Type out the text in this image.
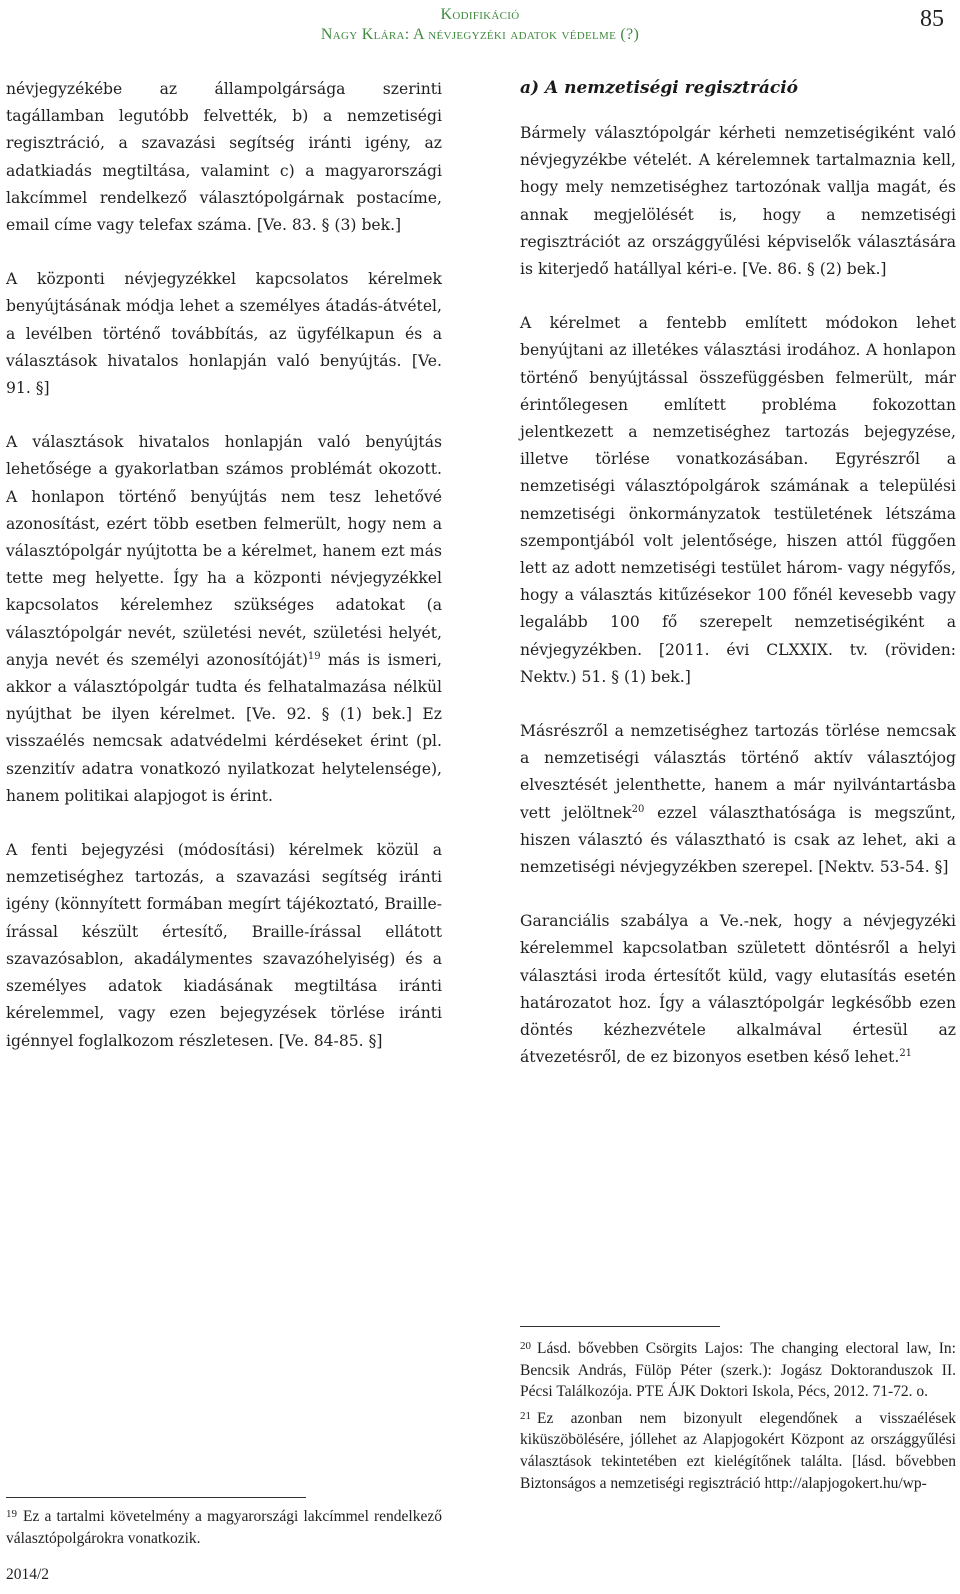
Kodifikáció
Nagy Klára: A névjegyzéki adatok védelme (?)
85

névjegyzékébe az állampolgársága szerinti tagállamban legutóbb felvették, b) a nemzetiségi regisztráció, a szavazási segítség iránti igény, az adatkiadás megtiltása, valamint c) a magyarországi lakcímmel rendelkező választópolgárnak postacíme, email címe vagy telefax száma. [Ve. 83. § (3) bek.]

A központi névjegyzékkel kapcsolatos kérelmek benyújtásának módja lehet a személyes átadás-átvétel, a levélben történő továbbítás, az ügyfélkapun és a választások hivatalos honlapján való benyújtás. [Ve. 91. §]

A választások hivatalos honlapján való benyújtás lehetősége a gyakorlatban számos problémát okozott. A honlapon történő benyújtás nem tesz lehetővé azonosítást, ezért több esetben felmerült, hogy nem a választópolgár nyújtotta be a kérelmet, hanem ezt más tette meg helyette. Így ha a központi névjegyzékkel kapcsolatos kérelemhez szükséges adatokat (a választópolgár nevét, születési nevét, születési helyét, anyja nevét és személyi azonosítóját)$^{19}$ más is ismeri, akkor a választópolgár tudta és felhatalmazása nélkül nyújthat be ilyen kérelmet. [Ve. 92. § (1) bek.] Ez visszaélés nemcsak adatvédelmi kérdéseket érint (pl. szenzitív adatra vonatkozó nyilatkozat helytelensége), hanem politikai alapjogot is érint.

A fenti bejegyzési (módosítási) kérelmek közül a nemzetiséghez tartozás, a szavazási segítség iránti igény (könnyített formában megírt tájékoztató, Braille-írással készült értesítő, Braille-írással ellátott szavazósablon, akadálymentes szavazóhelyiség) és a személyes adatok kiadásának megtiltása iránti kérelemmel, vagy ezen bejegyzések törlése iránti igénnyel foglalkozom részletesen. [Ve. 84-85. §]

a) A nemzetiségi regisztráció

Bármely választópolgár kérheti nemzetiségiként való névjegyzékbe vételét. A kérelemnek tartalmaznia kell, hogy mely nemzetiséghez tartozónak vallja magát, és annak megjelölését is, hogy a nemzetiségi regisztrációt az országgyűlési képviselők választására is kiterjedő hatállyal kéri-e. [Ve. 86. § (2) bek.]

A kérelmet a fentebb említett módokon lehet benyújtani az illetékes választási irodához. A honlapon történő benyújtással összefüggésben felmerült, már érintőlegesen említett probléma fokozottan jelentkezett a nemzetiséghez tartozás bejegyzése, illetve törlése vonatkozásában. Egyrészről a nemzetiségi választópolgárok számának a települési nemzetiségi önkormányzatok testületének létszáma szempontjából volt jelentősége, hiszen attól függően lett az adott nemzetiségi testület három- vagy négyfős, hogy a választás kitűzésekor 100 főnél kevesebb vagy legalább 100 fő szerepelt nemzetiségiként a névjegyzékben. [2011. évi CLXXIX. tv. (röviden: Nektv.) 51. § (1) bek.]

Másrészről a nemzetiséghez tartozás törlése nemcsak a nemzetiségi választás történő aktív választójog elvesztését jelenthette, hanem a már nyilvántartásba vett jelöltnek$^{20}$ ezzel választhatósága is megszűnt, hiszen választó és választható is csak az lehet, aki a nemzetiségi névjegyzékben szerepel. [Nektv. 53-54. §]

Garanciális szabálya a Ve.-nek, hogy a névjegyzéki kérelemmel kapcsolatban született döntésről a helyi választási iroda értesítőt küld, vagy elutasítás esetén határozatot hoz. Így a választópolgár legkésőbb ezen döntés kézhezvétele alkalmával értesül az átvezetésről, de ez bizonyos esetben késő lehet.$^{21}$

$^{19}$ Ez a tartalmi követelmény a magyarországi lakcímmel rendelkező választópolgárokra vonatkozik.

$^{20}$ Lásd. bővebben Csörgits Lajos: The changing electoral law, In: Bencsik András, Fülöp Péter (szerk.): Jogász Doktoranduszok II. Pécsi Találkozója. PTE ÁJK Doktori Iskola, Pécs, 2012. 71-72. o.

$^{21}$ Ez azonban nem bizonyult elegendőnek a visszaélések kiküszöbölésére, jóllehet az Alapjogokért Központ az országgyűlési választások tekintetében ezt kielégítőnek találta. [lásd. bővebben Biztonságos a nemzetiségi regisztráció http://alapjogokert.hu/wp-

2014/2
